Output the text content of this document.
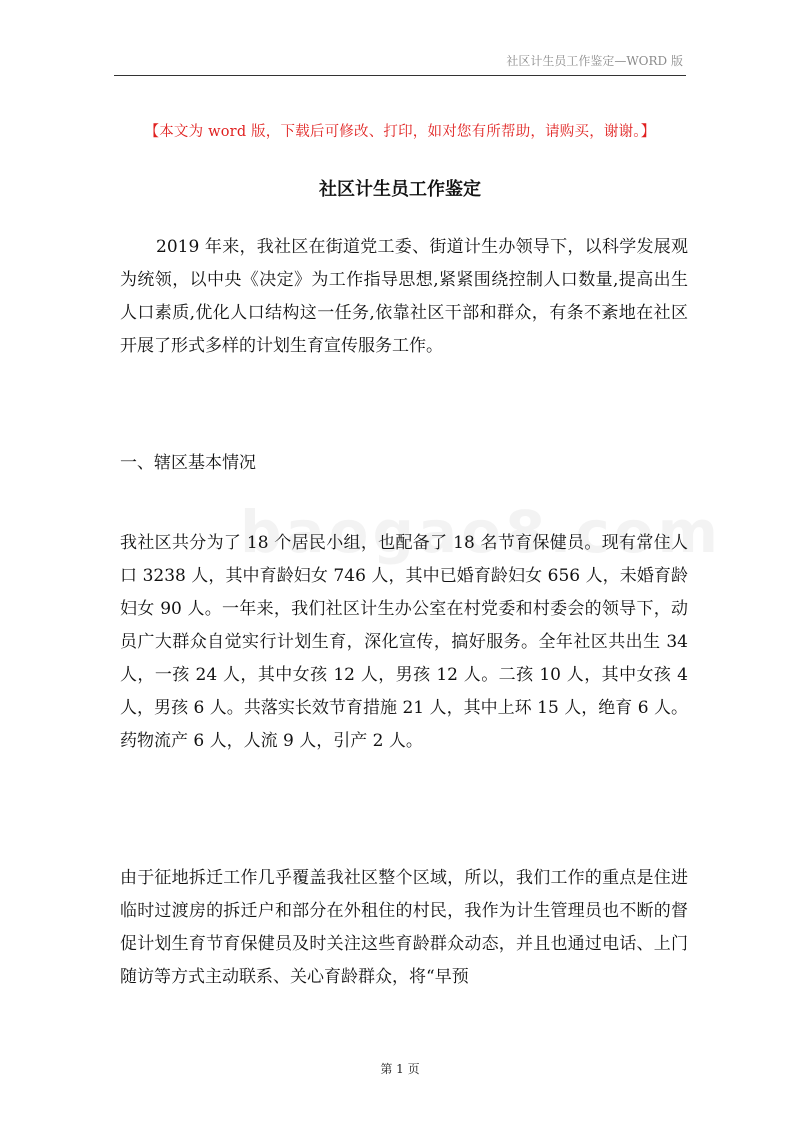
社区计生员工作鉴定—WORD 版
【本文为 word 版，下载后可修改、打印，如对您有所帮助，请购买，谢谢。】
社区计生员工作鉴定
2019 年来，我社区在街道党工委、街道计生办领导下，以科学发展观为统领，以中央《决定》为工作指导思想,紧紧围绕控制人口数量,提高出生人口素质,优化人口结构这一任务,依靠社区干部和群众，有条不紊地在社区开展了形式多样的计划生育宣传服务工作。
一、辖区基本情况
我社区共分为了 18 个居民小组，也配备了 18 名节育保健员。现有常住人口 3238 人，其中育龄妇女 746 人，其中已婚育龄妇女 656 人，未婚育龄妇女 90 人。一年来，我们社区计生办公室在村党委和村委会的领导下，动员广大群众自觉实行计划生育，深化宣传，搞好服务。全年社区共出生 34 人，一孩 24 人，其中女孩 12 人，男孩 12 人。二孩 10 人，其中女孩 4 人，男孩 6 人。共落实长效节育措施 21 人，其中上环 15 人，绝育 6 人。药物流产 6 人，人流 9 人，引产 2 人。
由于征地拆迁工作几乎覆盖我社区整个区域，所以，我们工作的重点是住进临时过渡房的拆迁户和部分在外租住的村民，我作为计生管理员也不断的督促计划生育节育保健员及时关注这些育龄群众动态，并且也通过电话、上门随访等方式主动联系、关心育龄群众，将“早预
第 1 页
